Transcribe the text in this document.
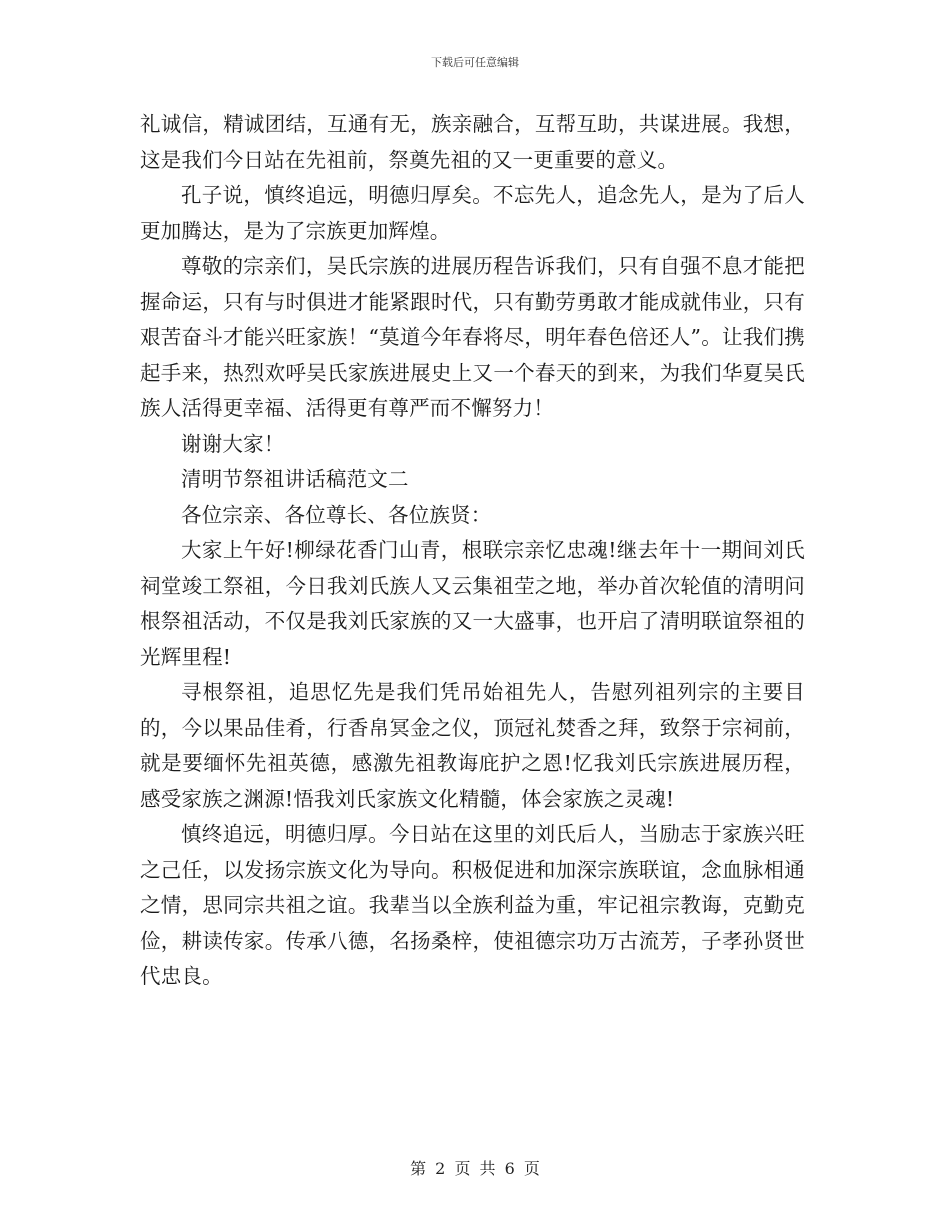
下载后可任意编辑

礼诚信，精诚团结，互通有无，族亲融合，互帮互助，共谋进展。我想，这是我们今日站在先祖前，祭奠先祖的又一更重要的意义。

孔子说，慎终追远，明德归厚矣。不忘先人，追念先人，是为了后人更加腾达，是为了宗族更加辉煌。

尊敬的宗亲们，吴氏宗族的进展历程告诉我们，只有自强不息才能把握命运，只有与时俱进才能紧跟时代，只有勤劳勇敢才能成就伟业，只有艰苦奋斗才能兴旺家族！“莫道今年春将尽，明年春色倍还人”。让我们携起手来，热烈欢呼吴氏家族进展史上又一个春天的到来，为我们华夏吴氏族人活得更幸福、活得更有尊严而不懈努力！

谢谢大家！

清明节祭祖讲话稿范文二

各位宗亲、各位尊长、各位族贤：

大家上午好!柳绿花香门山青，根联宗亲忆忠魂!继去年十一期间刘氏祠堂竣工祭祖，今日我刘氏族人又云集祖茔之地，举办首次轮值的清明问根祭祖活动，不仅是我刘氏家族的又一大盛事，也开启了清明联谊祭祖的光辉里程!

寻根祭祖，追思忆先是我们凭吊始祖先人，告慰列祖列宗的主要目的，今以果品佳肴，行香帛冥金之仪，顶冠礼焚香之拜，致祭于宗祠前，就是要缅怀先祖英德，感激先祖教诲庇护之恩!忆我刘氏宗族进展历程，感受家族之渊源!悟我刘氏家族文化精髓，体会家族之灵魂!

慎终追远，明德归厚。今日站在这里的刘氏后人，当励志于家族兴旺之己任，以发扬宗族文化为导向。积极促进和加深宗族联谊，念血脉相通之情，思同宗共祖之谊。我辈当以全族利益为重，牢记祖宗教诲，克勤克俭，耕读传家。传承八德，名扬桑梓，使祖德宗功万古流芳，子孝孙贤世代忠良。

第 2 页 共 6 页
